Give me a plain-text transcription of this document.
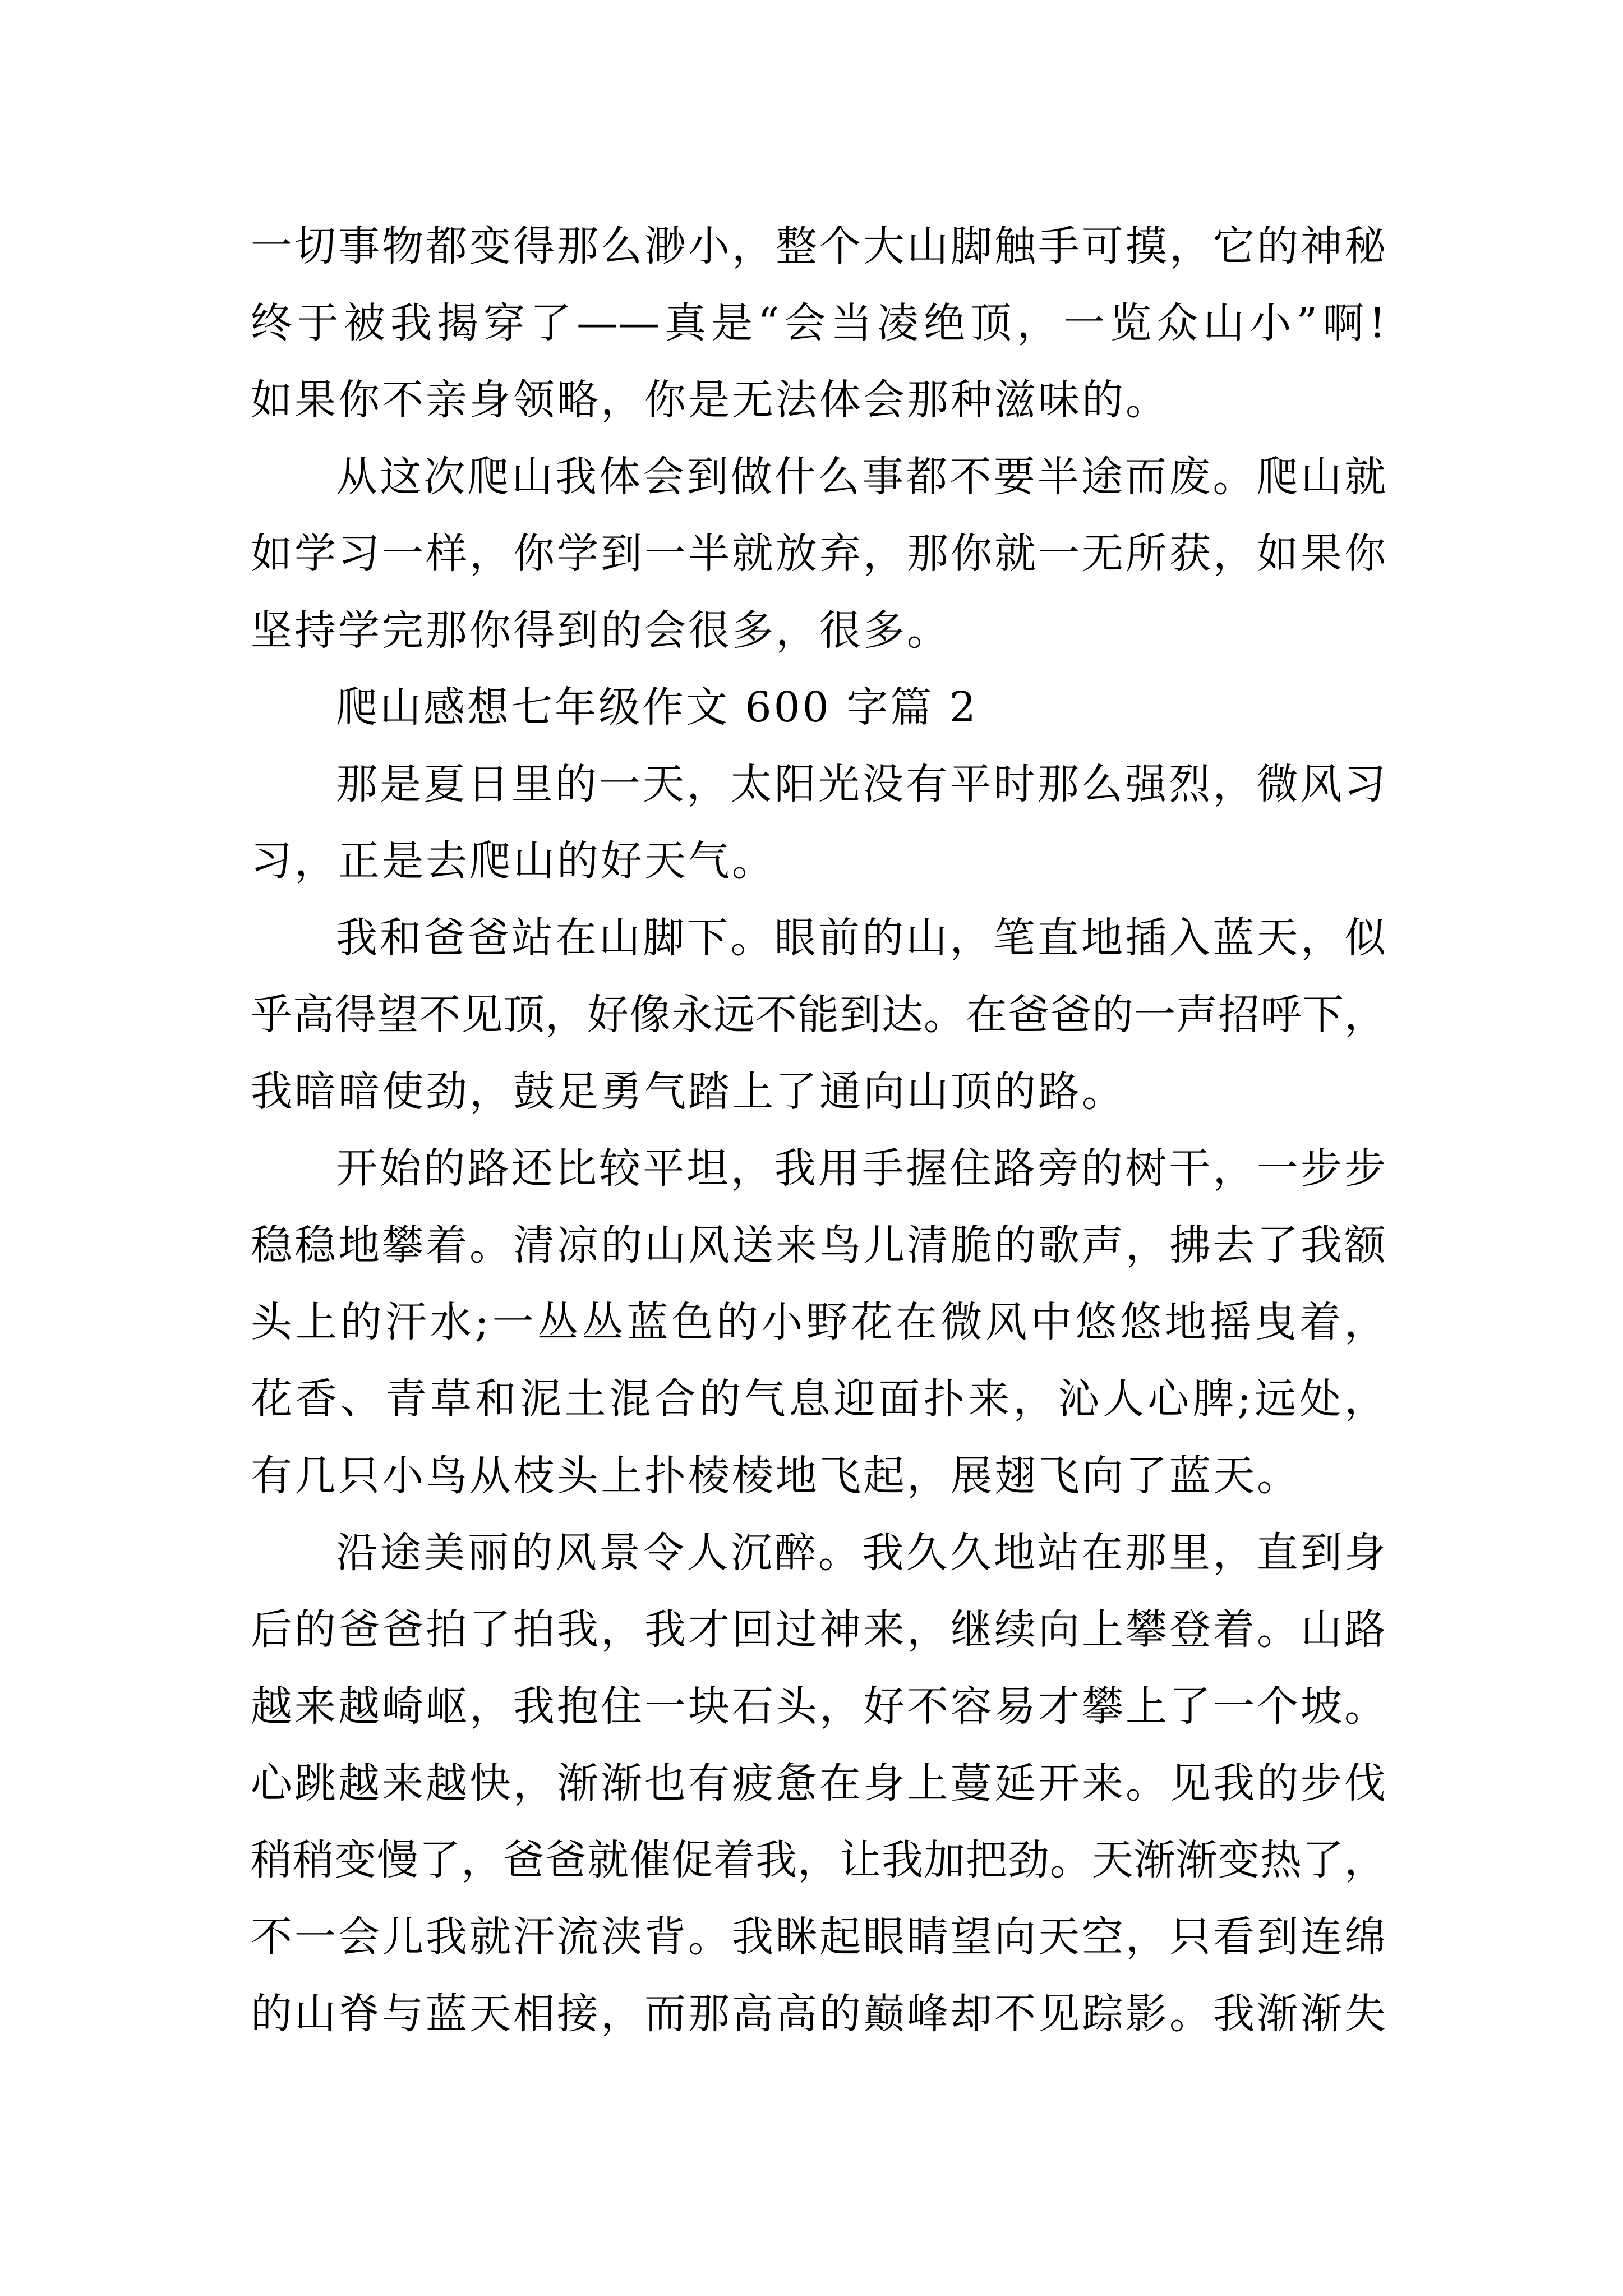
一切事物都变得那么渺小，整个大山脚触手可摸，它的神秘
终于被我揭穿了——真是“会当凌绝顶，一览众山小”啊!
如果你不亲身领略，你是无法体会那种滋味的。
从这次爬山我体会到做什么事都不要半途而废。爬山就
如学习一样，你学到一半就放弃，那你就一无所获，如果你
坚持学完那你得到的会很多，很多。
爬山感想七年级作文 600 字篇 2
那是夏日里的一天，太阳光没有平时那么强烈，微风习
习，正是去爬山的好天气。
我和爸爸站在山脚下。眼前的山，笔直地插入蓝天，似
乎高得望不见顶，好像永远不能到达。在爸爸的一声招呼下，
我暗暗使劲，鼓足勇气踏上了通向山顶的路。
开始的路还比较平坦，我用手握住路旁的树干，一步步
稳稳地攀着。清凉的山风送来鸟儿清脆的歌声，拂去了我额
头上的汗水;一丛丛蓝色的小野花在微风中悠悠地摇曳着，
花香、青草和泥土混合的气息迎面扑来，沁人心脾;远处，
有几只小鸟从枝头上扑棱棱地飞起，展翅飞向了蓝天。
沿途美丽的风景令人沉醉。我久久地站在那里，直到身
后的爸爸拍了拍我，我才回过神来，继续向上攀登着。山路
越来越崎岖，我抱住一块石头，好不容易才攀上了一个坡。
心跳越来越快，渐渐也有疲惫在身上蔓延开来。见我的步伐
稍稍变慢了，爸爸就催促着我，让我加把劲。天渐渐变热了，
不一会儿我就汗流浃背。我眯起眼睛望向天空，只看到连绵
的山脊与蓝天相接，而那高高的巅峰却不见踪影。我渐渐失
